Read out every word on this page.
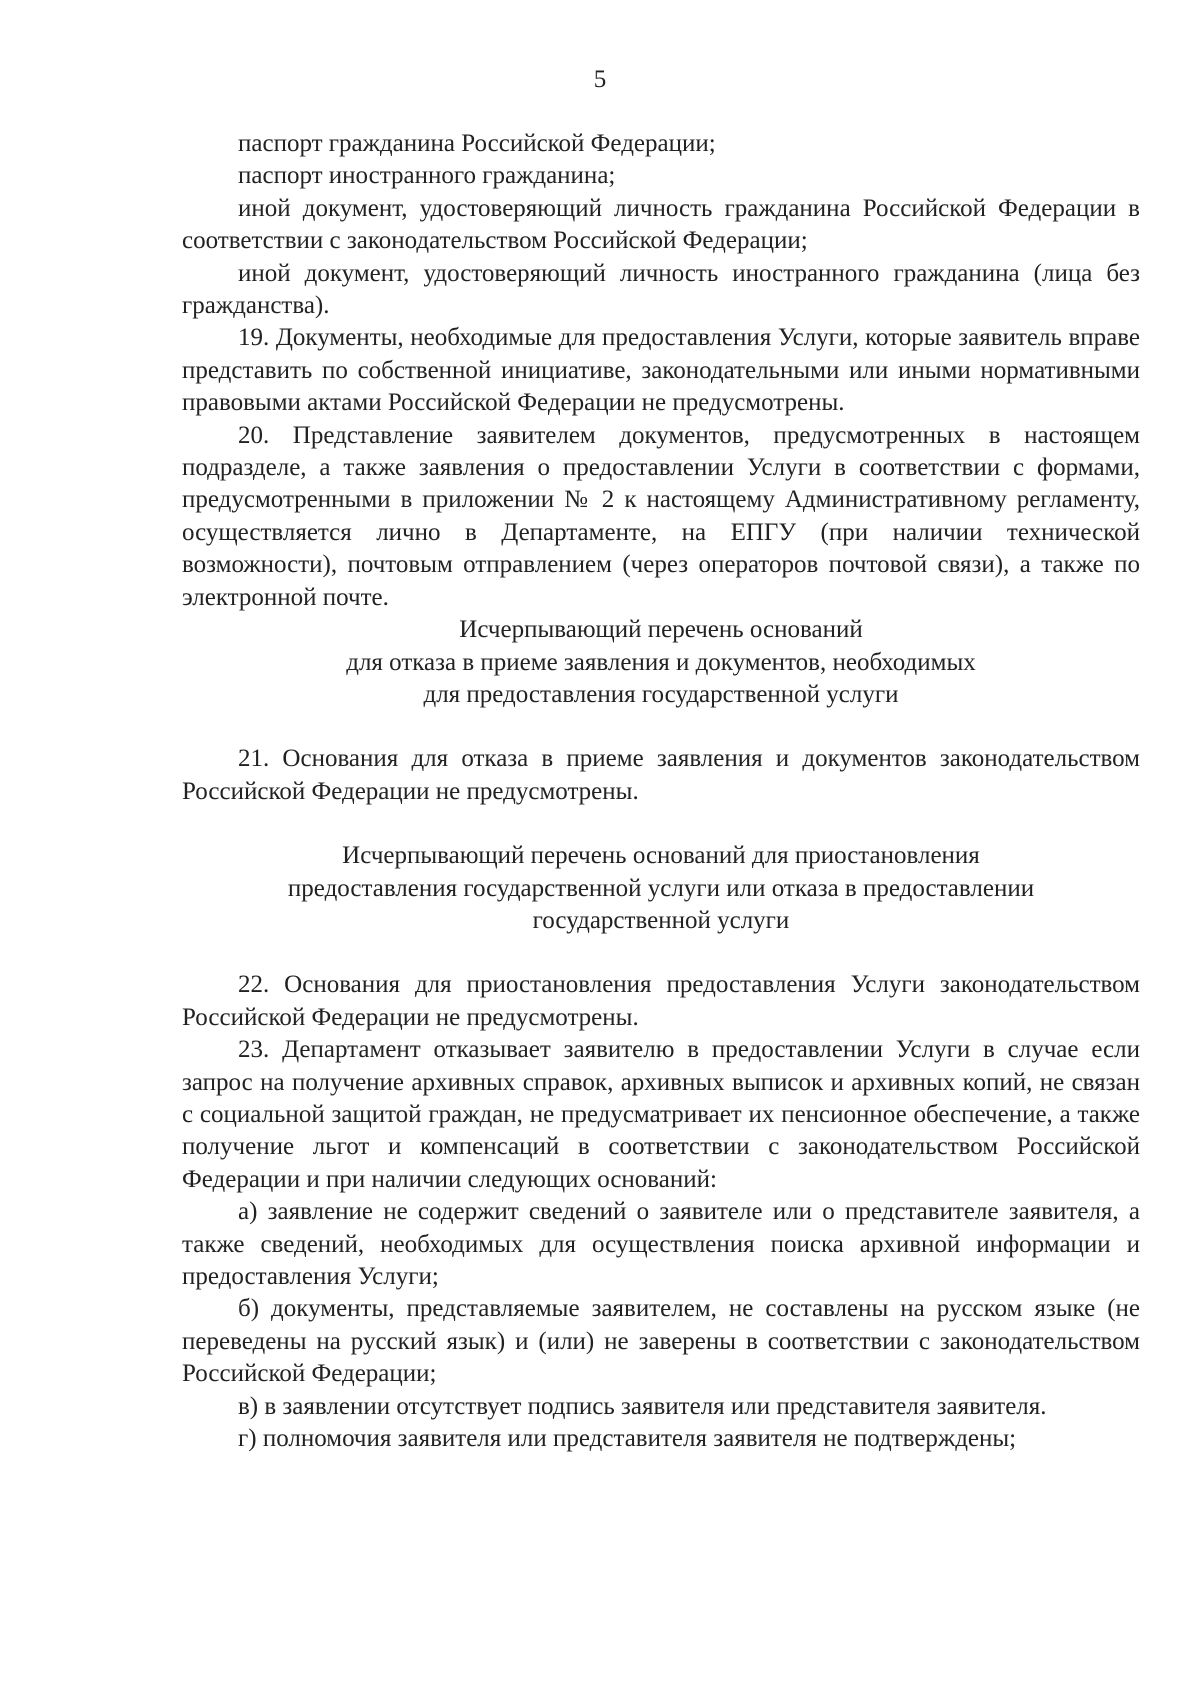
5

паспорт гражданина Российской Федерации;

паспорт иностранного гражданина;

иной документ, удостоверяющий личность гражданина Российской Федерации в соответствии с законодательством Российской Федерации;

иной документ, удостоверяющий личность иностранного гражданина (лица без гражданства).

19. Документы, необходимые для предоставления Услуги, которые заявитель вправе представить по собственной инициативе, законодательными или иными нормативными правовыми актами Российской Федерации не предусмотрены.

20. Представление заявителем документов, предусмотренных в настоящем подразделе, а также заявления о предоставлении Услуги в соответствии с формами, предусмотренными в приложении № 2 к настоящему Административному регламенту, осуществляется лично в Департаменте, на ЕПГУ (при наличии технической возможности), почтовым отправлением (через операторов почтовой связи), а также по электронной почте.

Исчерпывающий перечень оснований
для отказа в приеме заявления и документов, необходимых
для предоставления государственной услуги

21. Основания для отказа в приеме заявления и документов законодательством Российской Федерации не предусмотрены.

Исчерпывающий перечень оснований для приостановления
предоставления государственной услуги или отказа в предоставлении
государственной услуги

22. Основания для приостановления предоставления Услуги законодательством Российской Федерации не предусмотрены.

23. Департамент отказывает заявителю в предоставлении Услуги в случае если запрос на получение архивных справок, архивных выписок и архивных копий, не связан с социальной защитой граждан, не предусматривает их пенсионное обеспечение, а также получение льгот и компенсаций в соответствии с законодательством Российской Федерации и при наличии следующих оснований:

а) заявление не содержит сведений о заявителе или о представителе заявителя, а также сведений, необходимых для осуществления поиска архивной информации и предоставления Услуги;

б) документы, представляемые заявителем, не составлены на русском языке (не переведены на русский язык) и (или) не заверены в соответствии с законодательством Российской Федерации;

в) в заявлении отсутствует подпись заявителя или представителя заявителя.

г) полномочия заявителя или представителя заявителя не подтверждены;
